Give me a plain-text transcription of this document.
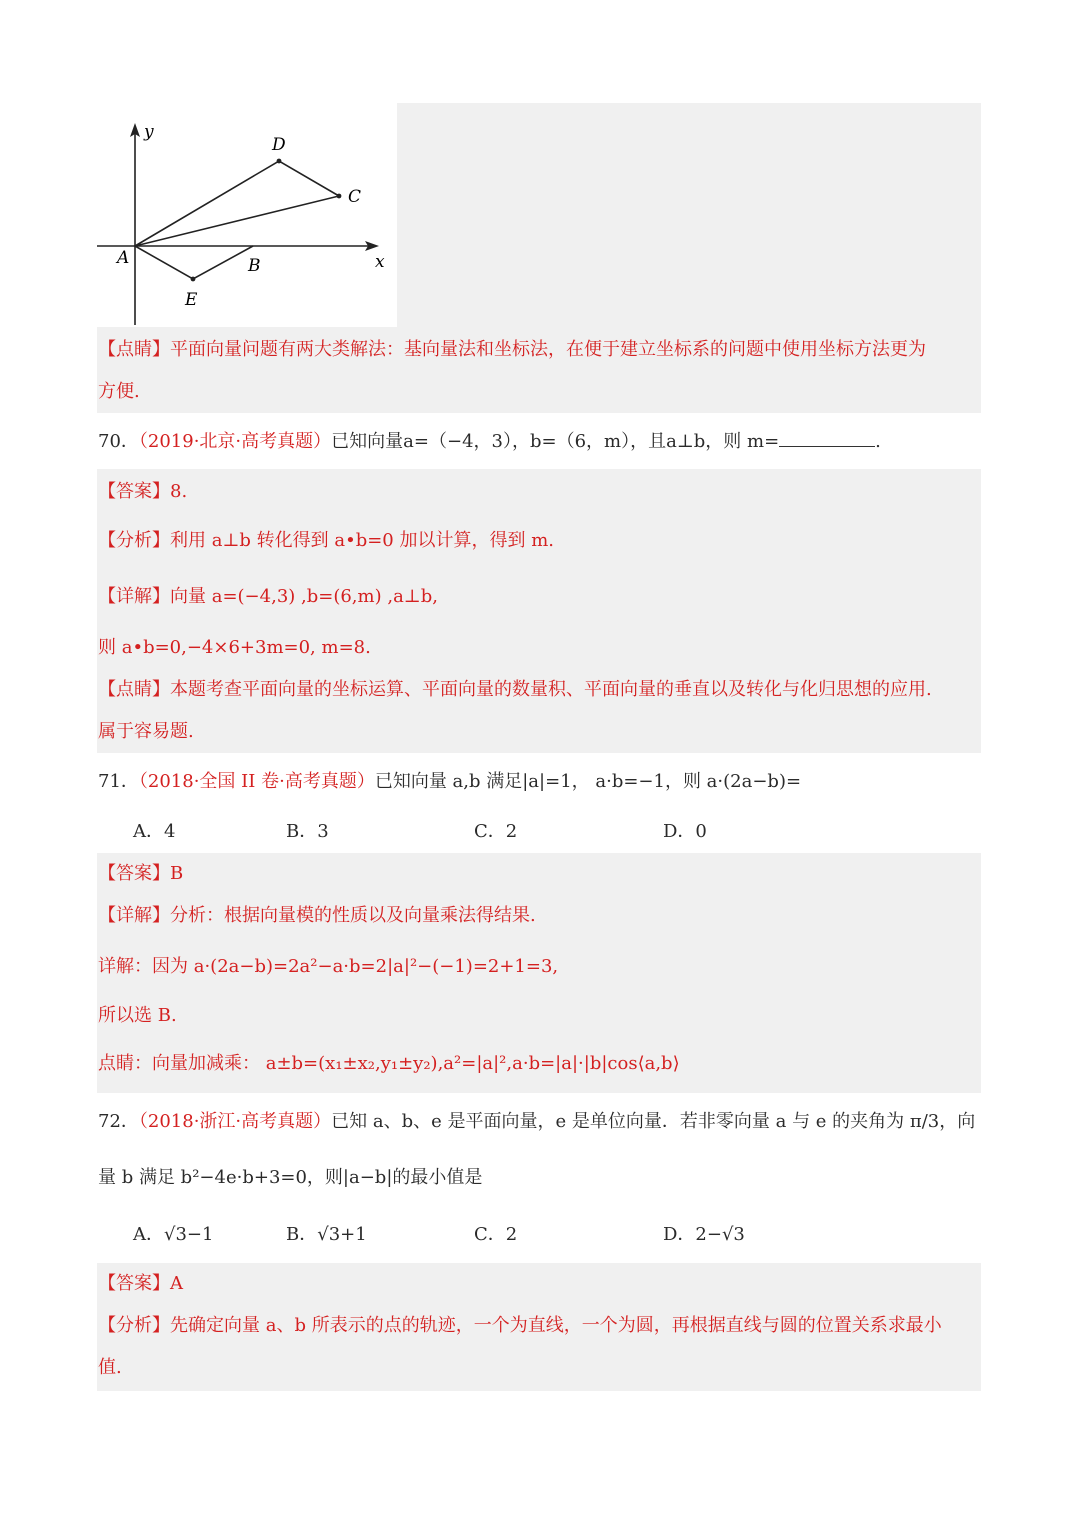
y
x
A	B
C
D
E
【点睛】平面向量问题有两大类解法：基向量法和坐标法，在便于建立坐标系的问题中使用坐标方法更为
方便.
70．（2019·北京·高考真题）已知向量a=（−4，3），b=（6，m），且a⊥b，则 m=	.
【答案】8.
【分析】利用 a⊥b 转化得到 a•b=0 加以计算，得到 m.
【详解】向量 a=(−4,3) ,b=(6,m) ,a⊥b,
则 a•b=0,−4×6+3m=0, m=8.
【点睛】本题考查平面向量的坐标运算、平面向量的数量积、平面向量的垂直以及转化与化归思想的应用.
属于容易题.
71．（2018·全国 II 卷·高考真题）已知向量 a,b 满足|a|=1， a·b=−1，则 a·(2a−b)=
A．4	B．3	C．2	D．0
【答案】B
【详解】分析：根据向量模的性质以及向量乘法得结果.
详解：因为 a·(2a−b)=2a²−a·b=2|a|²−(−1)=2+1=3,
所以选 B.
点睛：向量加减乘： a±b=(x₁±x₂,y₁±y₂),a²=|a|²,a·b=|a|·|b|cos⟨a,b⟩
72．（2018·浙江·高考真题）已知 a、b、e 是平面向量，e 是单位向量．若非零向量 a 与 e 的夹角为 π/3，向
量 b 满足 b²−4e·b+3=0，则|a−b|的最小值是
A．√3−1	B．√3+1	C．2	D．2−√3
【答案】A
【分析】先确定向量 a、b 所表示的点的轨迹，一个为直线，一个为圆，再根据直线与圆的位置关系求最小
值.
